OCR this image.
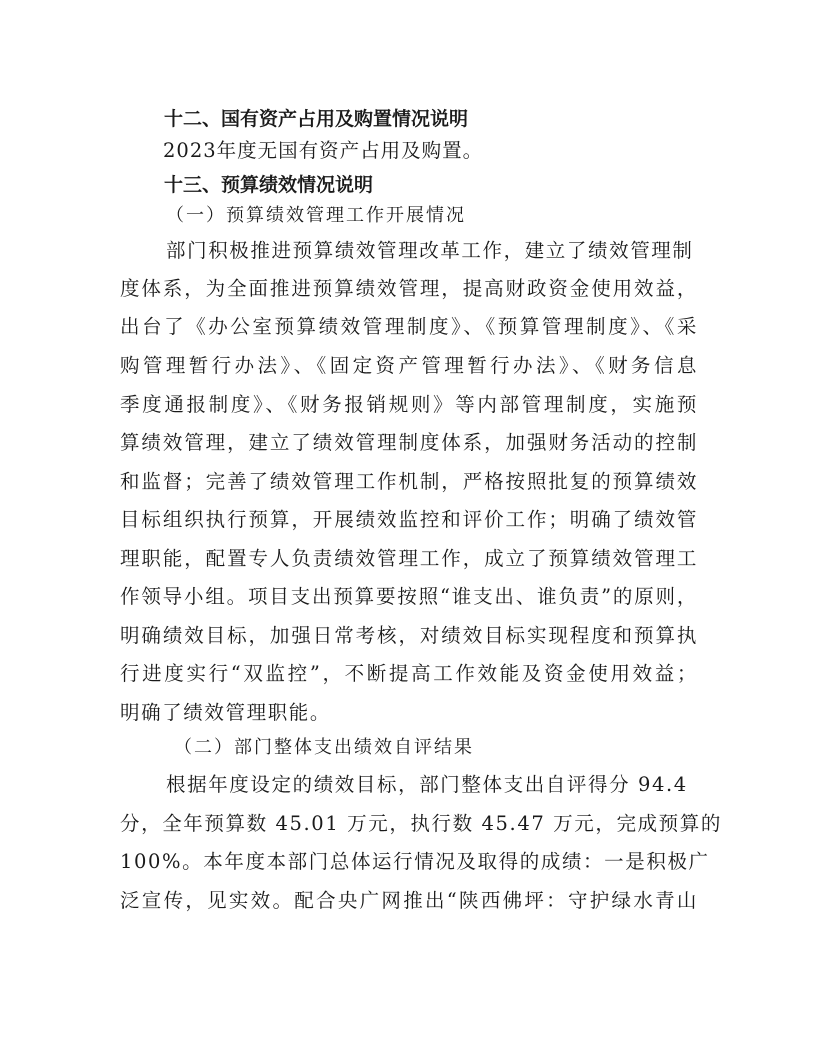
十二、国有资产占用及购置情况说明
2023年度无国有资产占用及购置。
十三、预算绩效情况说明
（一）预算绩效管理工作开展情况
部门积极推进预算绩效管理改革工作，建立了绩效管理制
度体系，为全面推进预算绩效管理，提高财政资金使用效益，
出台了《办公室预算绩效管理制度》、《预算管理制度》、《采
购管理暂行办法》、《固定资产管理暂行办法》、《财务信息
季度通报制度》、《财务报销规则》等内部管理制度，实施预
算绩效管理，建立了绩效管理制度体系，加强财务活动的控制
和监督；完善了绩效管理工作机制，严格按照批复的预算绩效
目标组织执行预算，开展绩效监控和评价工作；明确了绩效管
理职能，配置专人负责绩效管理工作，成立了预算绩效管理工
作领导小组。项目支出预算要按照“谁支出、谁负责”的原则，
明确绩效目标，加强日常考核，对绩效目标实现程度和预算执
行进度实行“双监控”，不断提高工作效能及资金使用效益；
明确了绩效管理职能。
（二）部门整体支出绩效自评结果
根据年度设定的绩效目标，部门整体支出自评得分 94.4
分，全年预算数 45.01 万元，执行数 45.47 万元，完成预算的
100%。本年度本部门总体运行情况及取得的成绩：一是积极广
泛宣传，见实效。配合央广网推出“陕西佛坪：守护绿水青山
